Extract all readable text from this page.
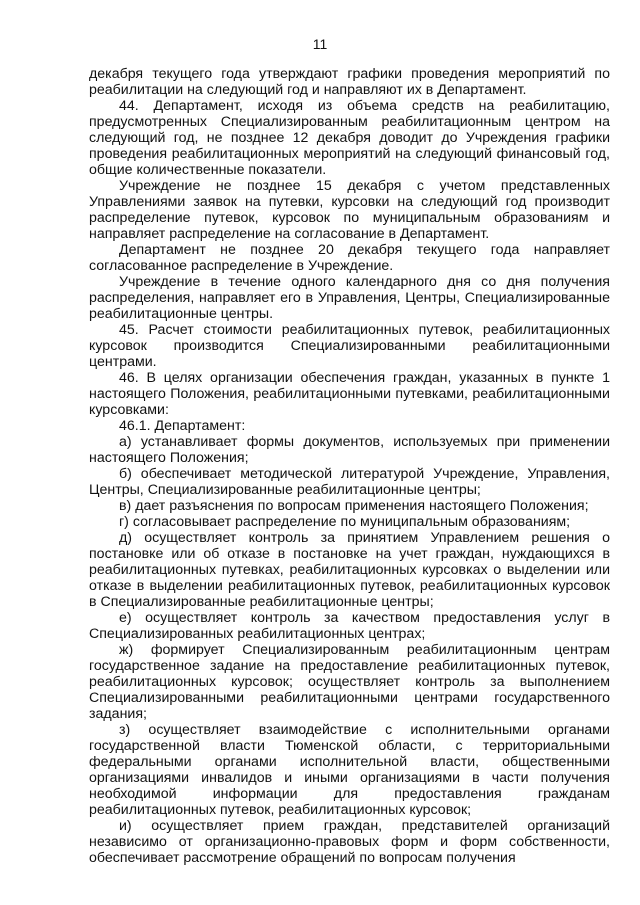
11

декабря текущего года утверждают графики проведения мероприятий по реабилитации на следующий год и направляют их в Департамент.

44. Департамент, исходя из объема средств на реабилитацию, предусмотренных Специализированным реабилитационным центром на следующий год, не позднее 12 декабря доводит до Учреждения графики проведения реабилитационных мероприятий на следующий финансовый год, общие количественные показатели.

Учреждение не позднее 15 декабря с учетом представленных Управлениями заявок на путевки, курсовки на следующий год производит распределение путевок, курсовок по муниципальным образованиям и направляет распределение на согласование в Департамент.

Департамент не позднее 20 декабря текущего года направляет согласованное распределение в Учреждение.

Учреждение в течение одного календарного дня со дня получения распределения, направляет его в Управления, Центры, Специализированные реабилитационные центры.

45. Расчет стоимости реабилитационных путевок, реабилитационных курсовок производится Специализированными реабилитационными центрами.

46. В целях организации обеспечения граждан, указанных в пункте 1 настоящего Положения, реабилитационными путевками, реабилитационными курсовками:

46.1. Департамент:

а) устанавливает формы документов, используемых при применении настоящего Положения;

б) обеспечивает методической литературой Учреждение, Управления, Центры, Специализированные реабилитационные центры;

в) дает разъяснения по вопросам применения настоящего Положения;

г) согласовывает распределение по муниципальным образованиям;

д) осуществляет контроль за принятием Управлением решения о постановке или об отказе в постановке на учет граждан, нуждающихся в реабилитационных путевках, реабилитационных курсовках о выделении или отказе в выделении реабилитационных путевок, реабилитационных курсовок в Специализированные реабилитационные центры;

е) осуществляет контроль за качеством предоставления услуг в Специализированных реабилитационных центрах;

ж) формирует Специализированным реабилитационным центрам государственное задание на предоставление реабилитационных путевок, реабилитационных курсовок; осуществляет контроль за выполнением Специализированными реабилитационными центрами государственного задания;

з) осуществляет взаимодействие с исполнительными органами государственной власти Тюменской области, с территориальными федеральными органами исполнительной власти, общественными организациями инвалидов и иными организациями в части получения необходимой информации для предоставления гражданам реабилитационных путевок, реабилитационных курсовок;

и) осуществляет прием граждан, представителей организаций независимо от организационно-правовых форм и форм собственности, обеспечивает рассмотрение обращений по вопросам получения
